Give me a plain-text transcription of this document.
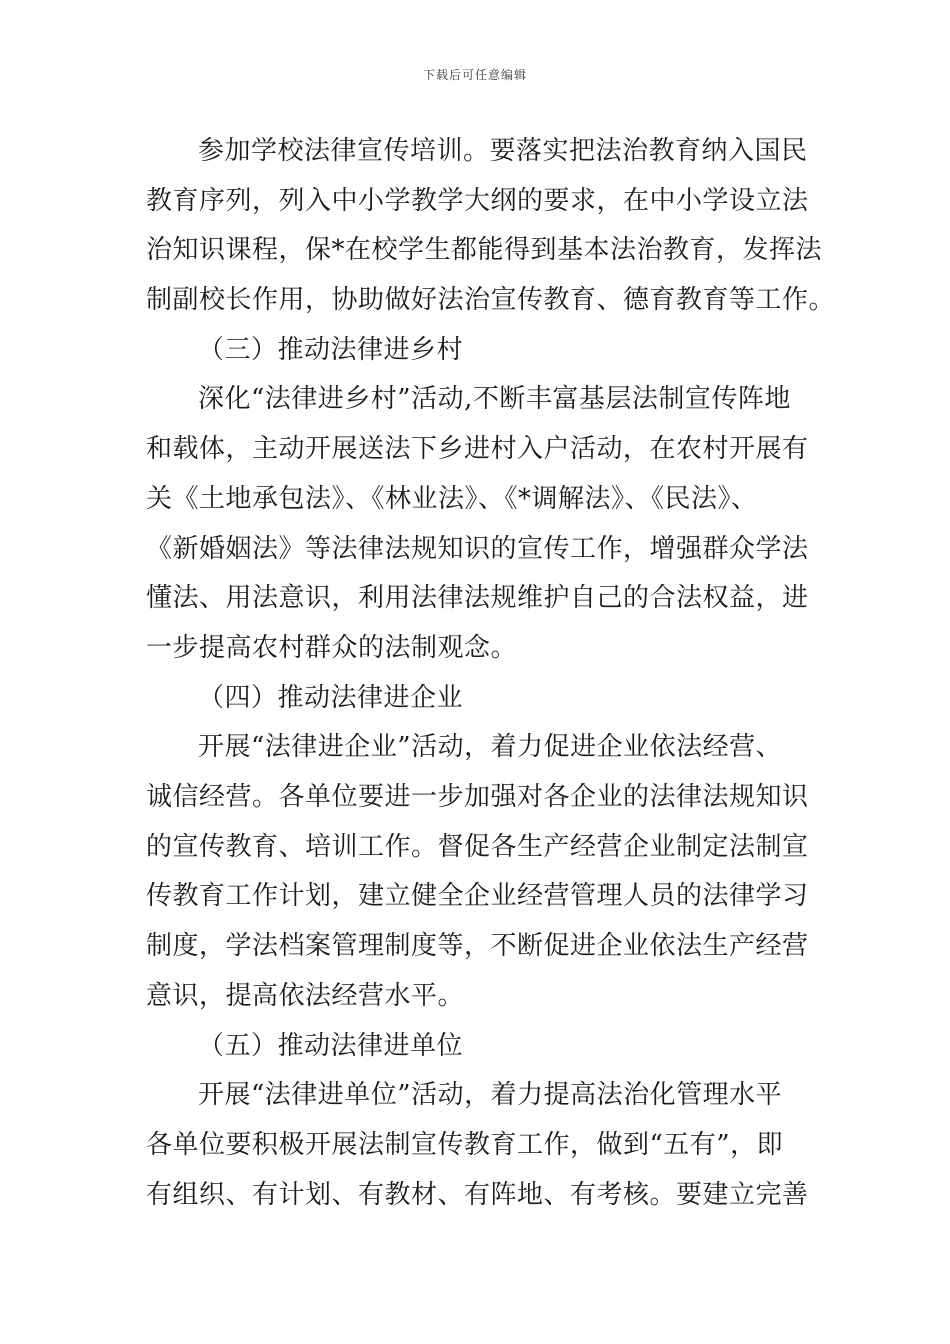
下载后可任意编辑
参加学校法律宣传培训。要落实把法治教育纳入国民
教育序列，列入中小学教学大纲的要求，在中小学设立法
治知识课程，保*在校学生都能得到基本法治教育，发挥法
制副校长作用，协助做好法治宣传教育、德育教育等工作。
（三）推动法律进乡村
深化“法律进乡村”活动,不断丰富基层法制宣传阵地
和载体，主动开展送法下乡进村入户活动，在农村开展有
关《土地承包法》、《林业法》、《*调解法》、《民法》、
《新婚姻法》等法律法规知识的宣传工作，增强群众学法
懂法、用法意识，利用法律法规维护自己的合法权益，进
一步提高农村群众的法制观念。
（四）推动法律进企业
开展“法律进企业”活动，着力促进企业依法经营、
诚信经营。各单位要进一步加强对各企业的法律法规知识
的宣传教育、培训工作。督促各生产经营企业制定法制宣
传教育工作计划，建立健全企业经营管理人员的法律学习
制度，学法档案管理制度等，不断促进企业依法生产经营
意识，提高依法经营水平。
（五）推动法律进单位
开展“法律进单位”活动，着力提高法治化管理水平
各单位要积极开展法制宣传教育工作，做到“五有”，即
有组织、有计划、有教材、有阵地、有考核。要建立完善
